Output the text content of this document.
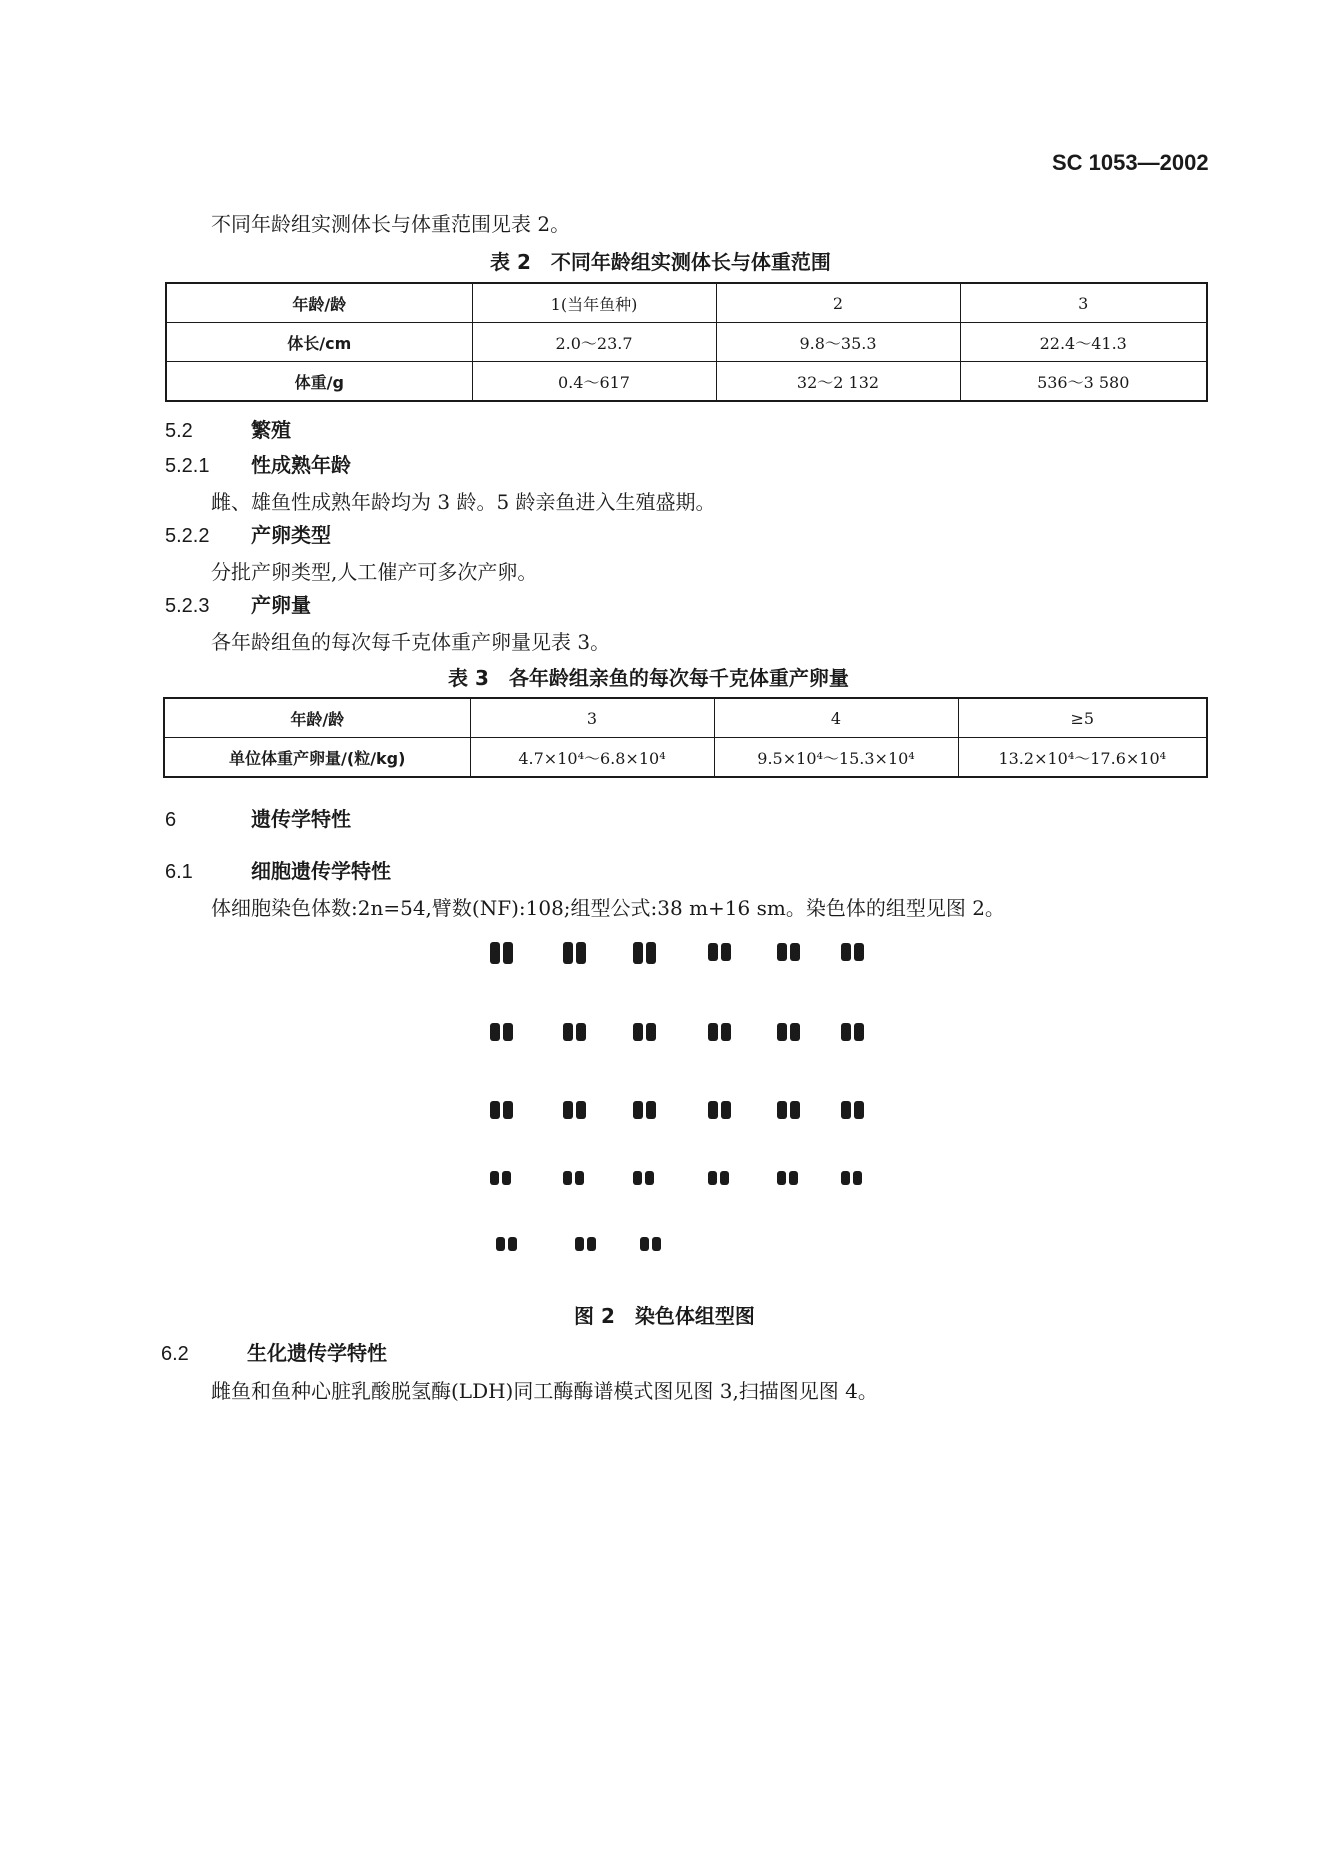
SC 1053—2002
不同年龄组实测体长与体重范围见表 2。
表 2　不同年龄组实测体长与体重范围
年龄/龄	1(当年鱼种)	2	3
体长/cm	2.0～23.7	9.8～35.3	22.4～41.3
体重/g	0.4～617	32～2 132	536～3 580
5.2	繁殖
5.2.1 性成熟年龄
雌、雄鱼性成熟年龄均为 3 龄。5 龄亲鱼进入生殖盛期。
5.2.2 产卵类型
分批产卵类型,人工催产可多次产卵。
5.2.3 产卵量
各年龄组鱼的每次每千克体重产卵量见表 3。
表 3　各年龄组亲鱼的每次每千克体重产卵量
年龄/龄	3	4	≥5
单位体重产卵量/(粒/kg)	4.7×10⁴～6.8×10⁴	9.5×10⁴～15.3×10⁴	13.2×10⁴～17.6×10⁴
6	遗传学特性
6.1	细胞遗传学特性
体细胞染色体数:2n=54,臂数(NF):108;组型公式:38 m+16 sm。染色体的组型见图 2。
图 2　染色体组型图
6.2	生化遗传学特性
雌鱼和鱼种心脏乳酸脱氢酶(LDH)同工酶酶谱模式图见图 3,扫描图见图 4。
